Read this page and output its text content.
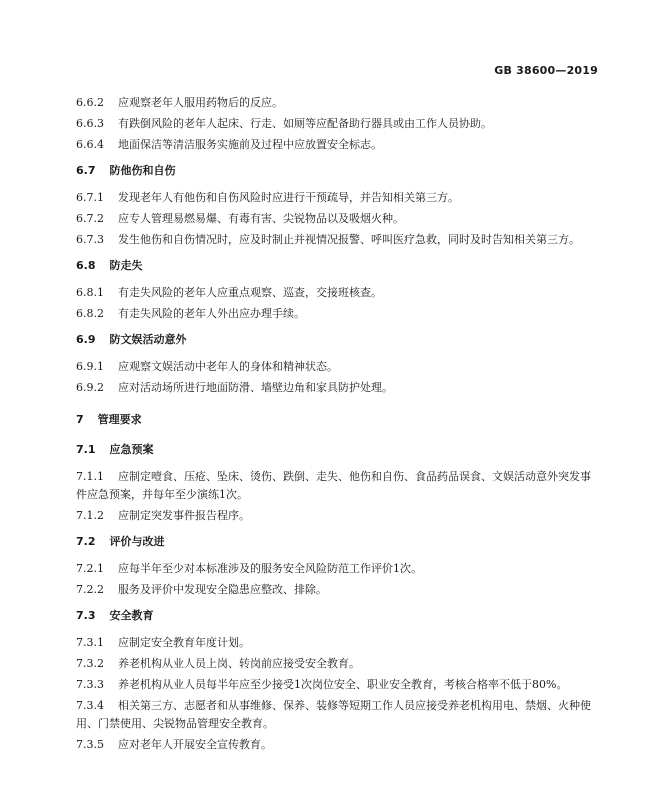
GB 38600—2019
6.6.2 应观察老年人服用药物后的反应。
6.6.3 有跌倒风险的老年人起床、行走、如厕等应配备助行器具或由工作人员协助。
6.6.4 地面保洁等清洁服务实施前及过程中应放置安全标志。
6.7 防他伤和自伤
6.7.1 发现老年人有他伤和自伤风险时应进行干预疏导，并告知相关第三方。
6.7.2 应专人管理易燃易爆、有毒有害、尖锐物品以及吸烟火种。
6.7.3 发生他伤和自伤情况时，应及时制止并视情况报警、呼叫医疗急救，同时及时告知相关第三方。
6.8 防走失
6.8.1 有走失风险的老年人应重点观察、巡查，交接班核查。
6.8.2 有走失风险的老年人外出应办理手续。
6.9 防文娱活动意外
6.9.1 应观察文娱活动中老年人的身体和精神状态。
6.9.2 应对活动场所进行地面防滑、墙壁边角和家具防护处理。
7 管理要求
7.1 应急预案
7.1.1 应制定噎食、压疮、坠床、烫伤、跌倒、走失、他伤和自伤、食品药品误食、文娱活动意外突发事件应急预案，并每年至少演练1次。
7.1.2 应制定突发事件报告程序。
7.2 评价与改进
7.2.1 应每半年至少对本标准涉及的服务安全风险防范工作评价1次。
7.2.2 服务及评价中发现安全隐患应整改、排除。
7.3 安全教育
7.3.1 应制定安全教育年度计划。
7.3.2 养老机构从业人员上岗、转岗前应接受安全教育。
7.3.3 养老机构从业人员每半年应至少接受1次岗位安全、职业安全教育，考核合格率不低于80%。
7.3.4 相关第三方、志愿者和从事维修、保养、装修等短期工作人员应接受养老机构用电、禁烟、火种使用、门禁使用、尖锐物品管理安全教育。
7.3.5 应对老年人开展安全宣传教育。
